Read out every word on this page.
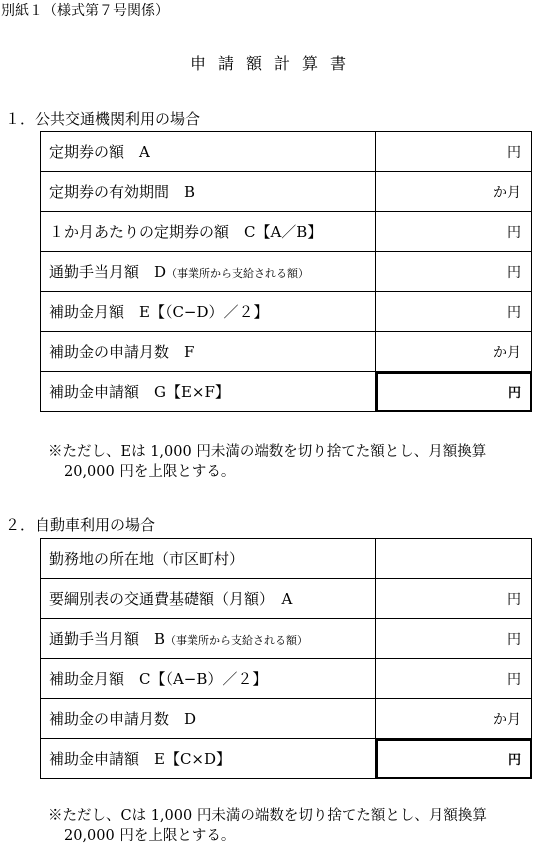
別紙１（様式第７号関係）
申請額計算書
１．公共交通機関利用の場合
定期券の額　A	円
定期券の有効期間　B	か月
１か月あたりの定期券の額　C【A／B】	円
通勤手当月額　D（事業所から支給される額）	円
補助金月額　E【（C−D）／２】	円
補助金の申請月数　F	か月
補助金申請額　G【E×F】	円
※ただし、Eは 1,000 円未満の端数を切り捨てた額とし、月額換算
20,000 円を上限とする。
２．自動車利用の場合
勤務地の所在地（市区町村）	
要綱別表の交通費基礎額（月額）　A	円
通勤手当月額　B（事業所から支給される額）	円
補助金月額　C【（A−B）／２】	円
補助金の申請月数　D	か月
補助金申請額　E【C×D】	円
※ただし、Cは 1,000 円未満の端数を切り捨てた額とし、月額換算
20,000 円を上限とする。
